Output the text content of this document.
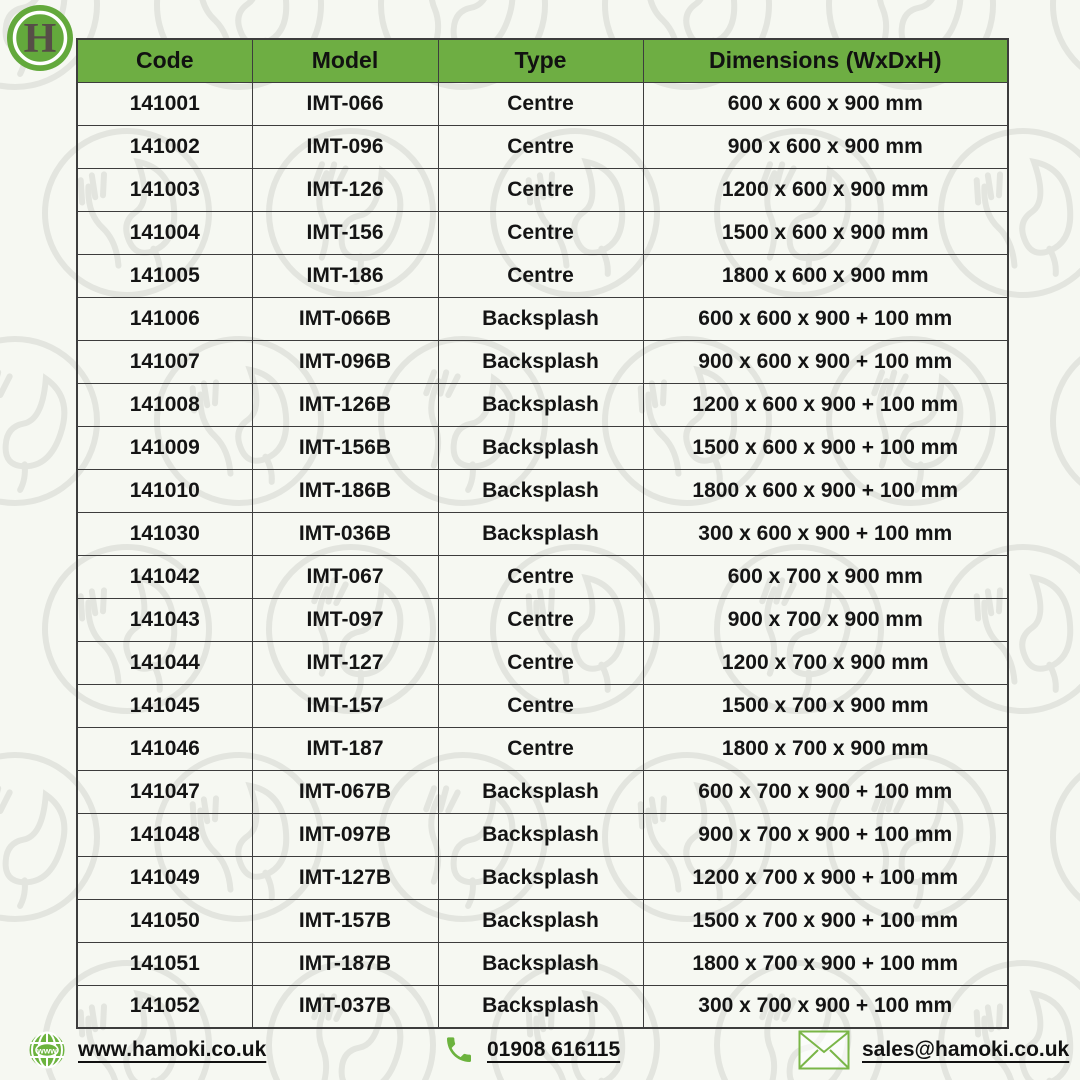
H	Code	Model	Type	Dimensions (WxDxH)
141001	IMT-066	Centre	600 x 600 x 900 mm
141002	IMT-096	Centre	900 x 600 x 900 mm
141003	IMT-126	Centre	1200 x 600 x 900 mm
141004	IMT-156	Centre	1500 x 600 x 900 mm
141005	IMT-186	Centre	1800 x 600 x 900 mm
141006	IMT-066B	Backsplash	600 x 600 x 900 + 100 mm
141007	IMT-096B	Backsplash	900 x 600 x 900 + 100 mm
141008	IMT-126B	Backsplash	1200 x 600 x 900 + 100 mm
141009	IMT-156B	Backsplash	1500 x 600 x 900 + 100 mm
141010	IMT-186B	Backsplash	1800 x 600 x 900 + 100 mm
141030	IMT-036B	Backsplash	300 x 600 x 900 + 100 mm
141042	IMT-067	Centre	600 x 700 x 900 mm
141043	IMT-097	Centre	900 x 700 x 900 mm
141044	IMT-127	Centre	1200 x 700 x 900 mm
141045	IMT-157	Centre	1500 x 700 x 900 mm
141046	IMT-187	Centre	1800 x 700 x 900 mm
141047	IMT-067B	Backsplash	600 x 700 x 900 + 100 mm
141048	IMT-097B	Backsplash	900 x 700 x 900 + 100 mm
141049	IMT-127B	Backsplash	1200 x 700 x 900 + 100 mm
141050	IMT-157B	Backsplash	1500 x 700 x 900 + 100 mm
141051	IMT-187B	Backsplash	1800 x 700 x 900 + 100 mm
141052	IMT-037B	Backsplash	300 x 700 x 900 + 100 mm
www www.hamoki.co.uk	01908 616115	sales@hamoki.co.uk
